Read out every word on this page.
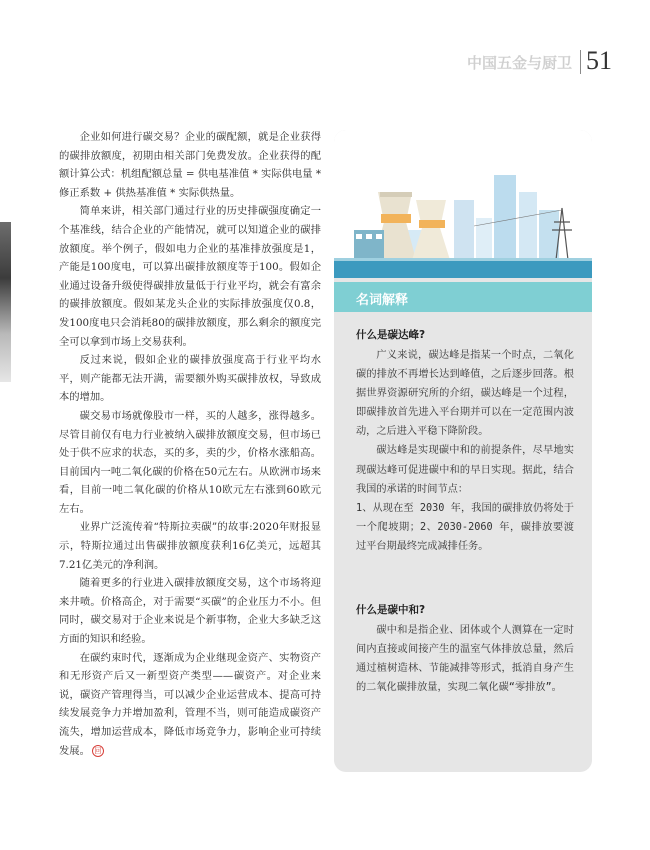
中国五金与厨卫 51

企业如何进行碳交易？企业的碳配额，就是企业获得的碳排放额度，初期由相关部门免费发放。企业获得的配额计算公式：机组配额总量 = 供电基准值 * 实际供电量 * 修正系数 + 供热基准值 * 实际供热量。

简单来讲，相关部门通过行业的历史排碳强度确定一个基准线，结合企业的产能情况，就可以知道企业的碳排放额度。举个例子，假如电力企业的基准排放强度是1，产能是100度电，可以算出碳排放额度等于100。假如企业通过设备升级使得碳排放量低于行业平均，就会有富余的碳排放额度。假如某龙头企业的实际排放强度仅0.8，发100度电只会消耗80的碳排放额度，那么剩余的额度完全可以拿到市场上交易获利。

反过来说，假如企业的碳排放强度高于行业平均水平，则产能都无法开满，需要额外购买碳排放权，导致成本的增加。

碳交易市场就像股市一样，买的人越多，涨得越多。尽管目前仅有电力行业被纳入碳排放额度交易，但市场已处于供不应求的状态，买的多，卖的少，价格水涨船高。目前国内一吨二氧化碳的价格在50元左右。从欧洲市场来看，目前一吨二氧化碳的价格从10欧元左右涨到60欧元左右。

业界广泛流传着“特斯拉卖碳”的故事:2020年财报显示，特斯拉通过出售碳排放额度获利16亿美元，远超其7.21亿美元的净利润。

随着更多的行业进入碳排放额度交易，这个市场将迎来井喷。价格高企，对于需要“买碳”的企业压力不小。但同时，碳交易对于企业来说是个新事物，企业大多缺乏这方面的知识和经验。

在碳约束时代，逐渐成为企业继现金资产、实物资产和无形资产后又一新型资产类型——碳资产。对企业来说，碳资产管理得当，可以减少企业运营成本、提高可持续发展竞争力并增加盈利，管理不当，则可能造成碳资产流失，增加运营成本，降低市场竞争力，影响企业可持续发展。 回

名词解释
什么是碳达峰?

广义来说，碳达峰是指某一个时点，二氧化碳的排放不再增长达到峰值，之后逐步回落。根据世界资源研究所的介绍，碳达峰是一个过程，即碳排放首先进入平台期并可以在一定范围内波动，之后进入平稳下降阶段。

碳达峰是实现碳中和的前提条件，尽早地实现碳达峰可促进碳中和的早日实现。据此，结合我国的承诺的时间节点：

1、从现在至 2030 年，我国的碳排放仍将处于一个爬坡期；2、2030-2060 年，碳排放要渡过平台期最终完成减排任务。

什么是碳中和?

碳中和是指企业、团体或个人测算在一定时间内直接或间接产生的温室气体排放总量，然后通过植树造林、节能减排等形式，抵消自身产生的二氧化碳排放量，实现二氧化碳“零排放”。
